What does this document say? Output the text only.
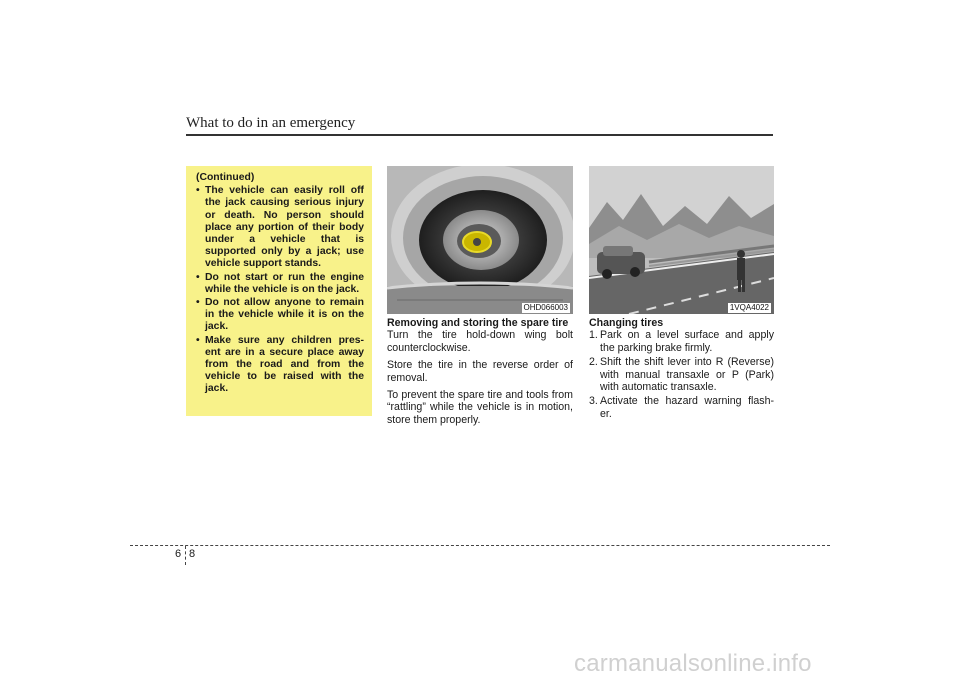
What to do in an emergency
(Continued)
• The vehicle can easily roll off the jack causing serious injury or death. No person should place any portion of their body under a vehicle that is supported only by a jack; use vehicle support stands.
• Do not start or run the engine while the vehicle is on the jack.
• Do not allow anyone to remain in the vehicle while it is on the jack.
• Make sure any children pres- ent are in a secure place away from the road and from the vehicle to be raised with the jack.
OHD066003	1VQA4022

Removing and storing the spare tire

Turn the tire hold-down wing bolt counterclockwise.

Store the tire in the reverse order of removal.

To prevent the spare tire and tools from “rattling” while the vehicle is in motion, store them properly.

Changing tires

1. Park on a level surface and apply the parking brake firmly.
2. Shift the shift lever into R (Reverse) with manual transaxle or P (Park) with automatic transaxle.
3. Activate the hazard warning flash- er.
6 8
carmanualsonline.info
